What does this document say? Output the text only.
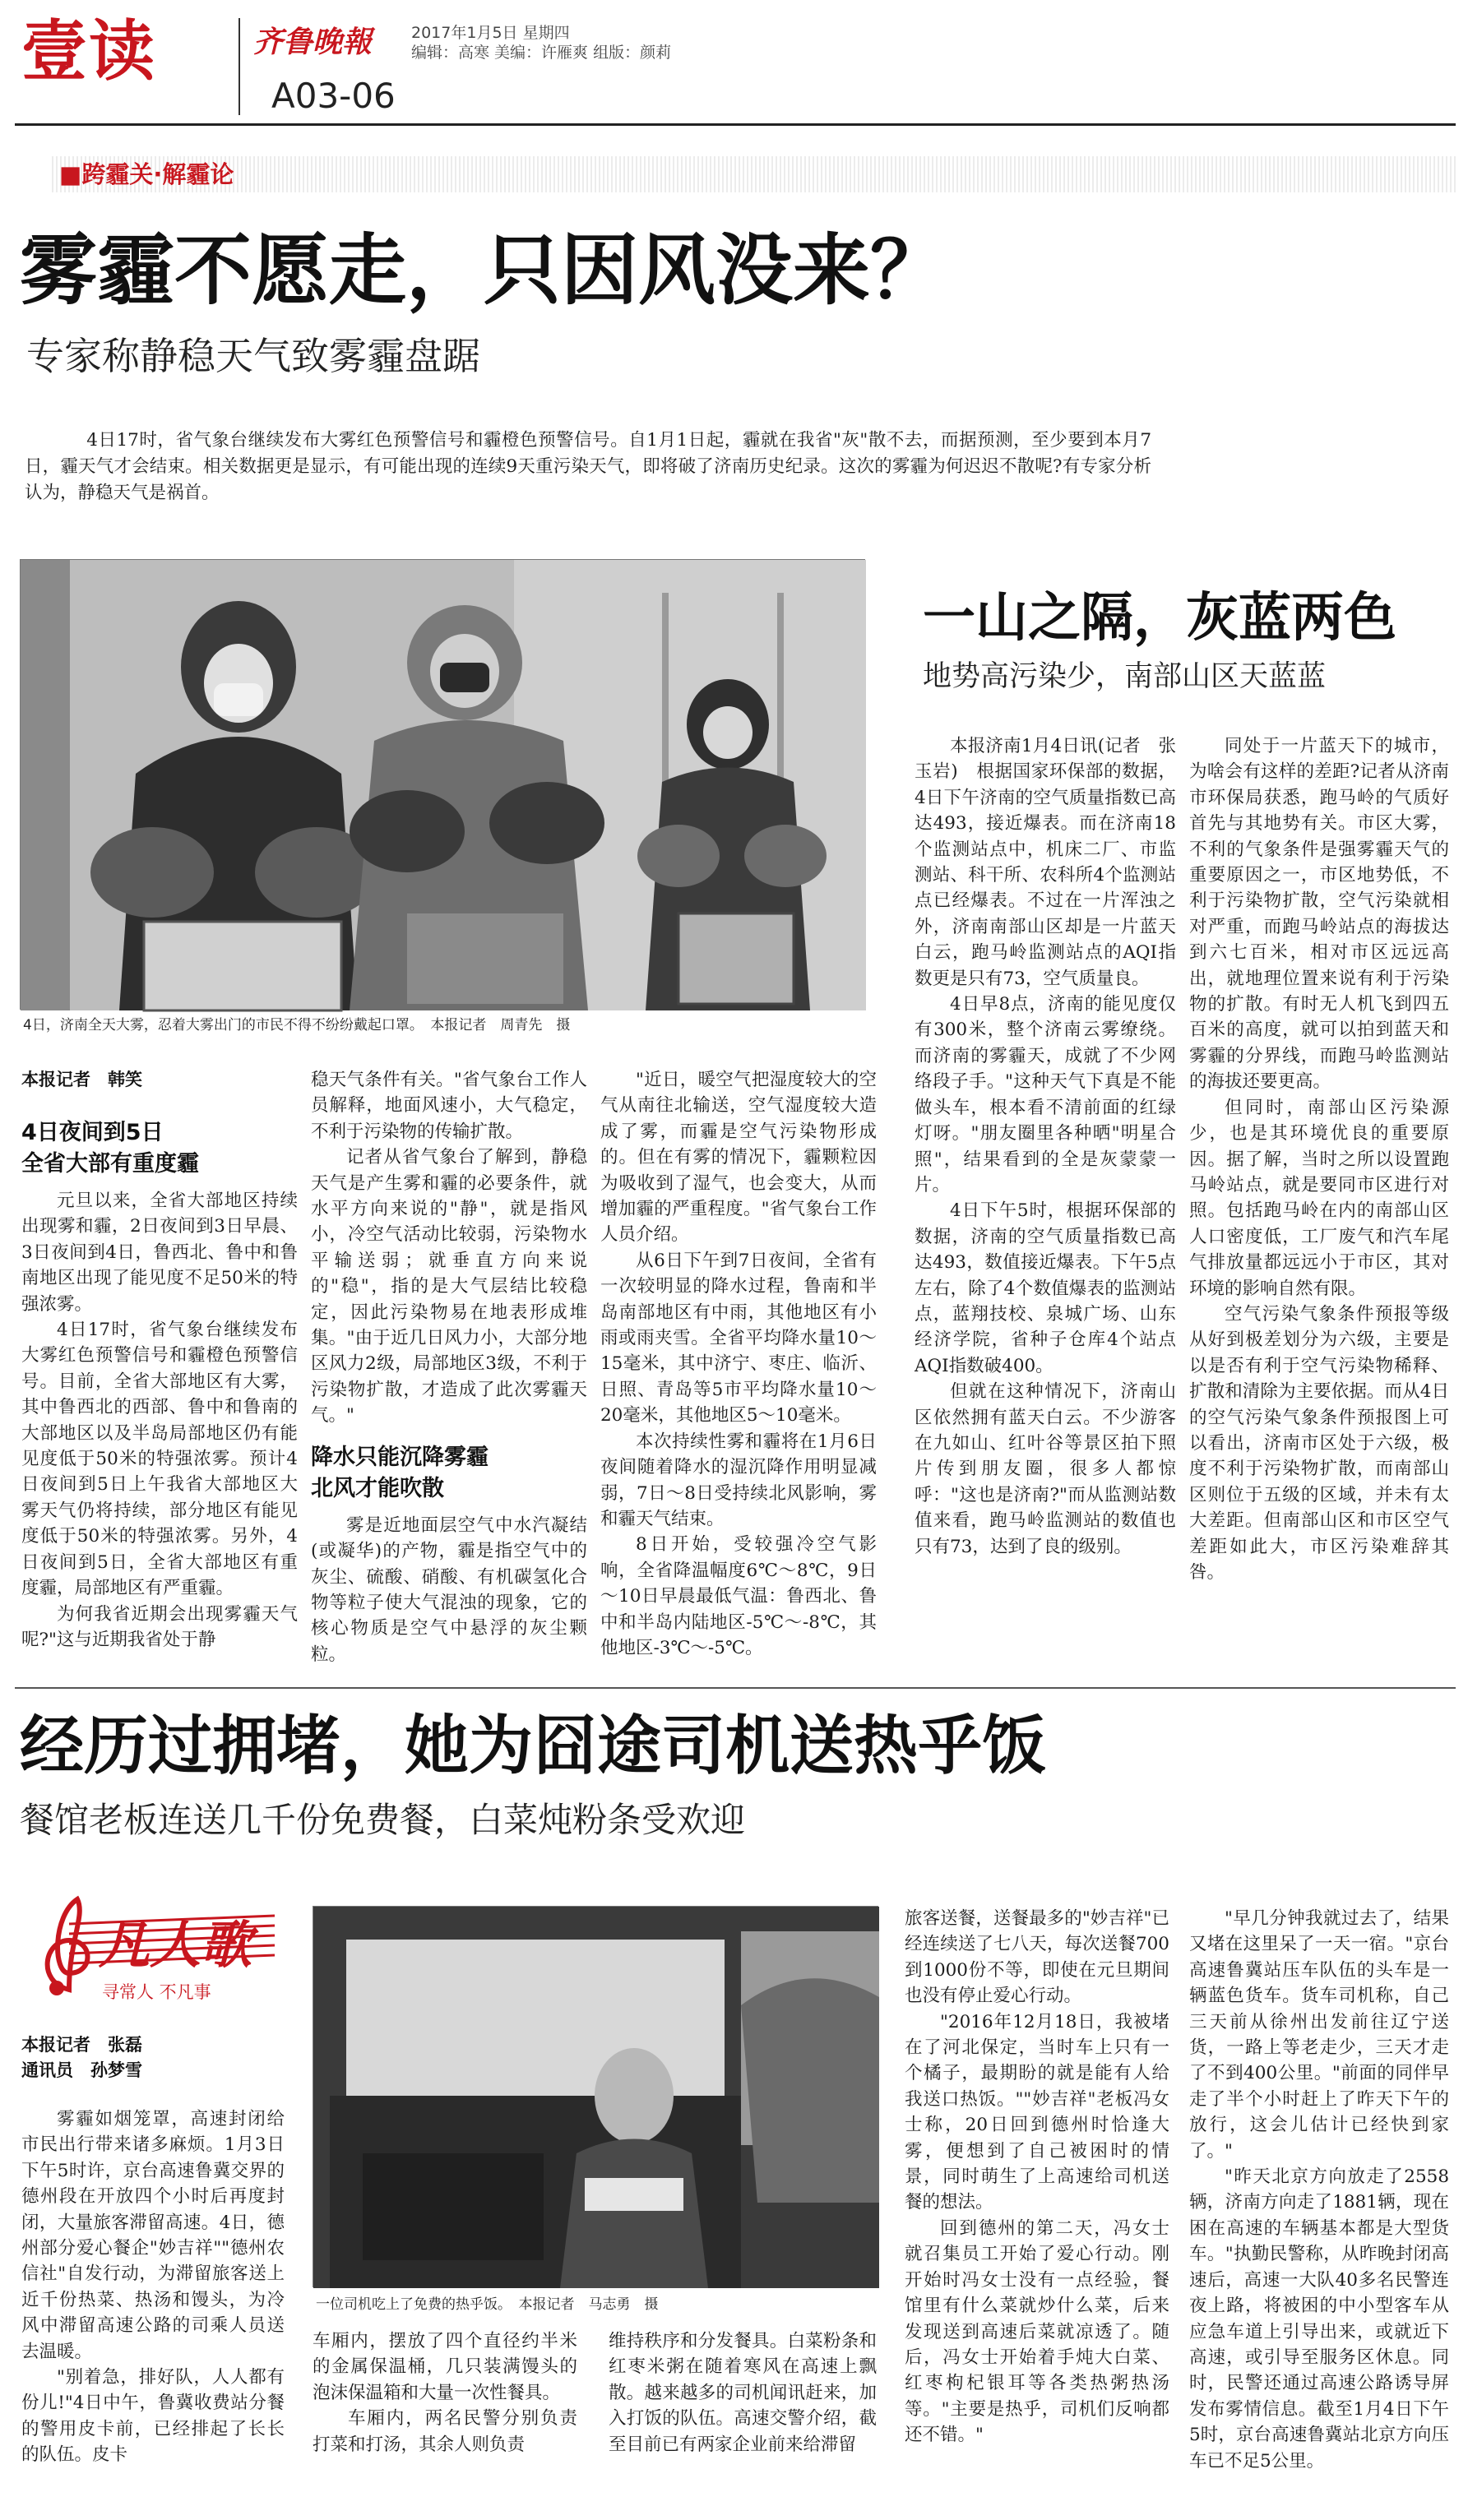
壹读	齐鲁晚報	2017年1月5日 星期四
编辑：高寒 美编：许雁爽 组版：颜莉
A03-06
■跨霾关·解霾论
雾霾不愿走，只因风没来？
专家称静稳天气致雾霾盘踞
4日17时，省气象台继续发布大雾红色预警信号和霾橙色预警信号。自1月1日起，霾就在我省"灰"散不去，而据预测，至少要到本月7日，霾天气才会结束。相关数据更是显示，有可能出现的连续9天重污染天气，即将破了济南历史纪录。这次的雾霾为何迟迟不散呢?有专家分析认为，静稳天气是祸首。
4日，济南全天大雾，忍着大雾出门的市民不得不纷纷戴起口罩。　本报记者　周青先　摄

本报记者　韩笑

4日夜间到5日
全省大部有重度霾

元旦以来，全省大部地区持续出现雾和霾，2日夜间到3日早晨、3日夜间到4日，鲁西北、鲁中和鲁南地区出现了能见度不足50米的特强浓雾。

4日17时，省气象台继续发布大雾红色预警信号和霾橙色预警信号。目前，全省大部地区有大雾，其中鲁西北的西部、鲁中和鲁南的大部地区以及半岛局部地区仍有能见度低于50米的特强浓雾。预计4日夜间到5日上午我省大部地区大雾天气仍将持续，部分地区有能见度低于50米的特强浓雾。另外，4日夜间到5日，全省大部地区有重度霾，局部地区有严重霾。

为何我省近期会出现雾霾天气呢?"这与近期我省处于静

稳天气条件有关。"省气象台工作人员解释，地面风速小，大气稳定，不利于污染物的传输扩散。

记者从省气象台了解到，静稳天气是产生雾和霾的必要条件，就水平方向来说的"静"，就是指风小，冷空气活动比较弱，污染物水平输送弱；就垂直方向来说的"稳"，指的是大气层结比较稳定，因此污染物易在地表形成堆集。"由于近几日风力小，大部分地区风力2级，局部地区3级，不利于污染物扩散，才造成了此次雾霾天气。"

降水只能沉降雾霾
北风才能吹散

雾是近地面层空气中水汽凝结(或凝华)的产物，霾是指空气中的灰尘、硫酸、硝酸、有机碳氢化合物等粒子使大气混浊的现象，它的核心物质是空气中悬浮的灰尘颗粒。

"近日，暖空气把湿度较大的空气从南往北输送，空气湿度较大造成了雾，而霾是空气污染物形成的。但在有雾的情况下，霾颗粒因为吸收到了湿气，也会变大，从而增加霾的严重程度。"省气象台工作人员介绍。

从6日下午到7日夜间，全省有一次较明显的降水过程，鲁南和半岛南部地区有中雨，其他地区有小雨或雨夹雪。全省平均降水量10～15毫米，其中济宁、枣庄、临沂、日照、青岛等5市平均降水量10～20毫米，其他地区5～10毫米。

本次持续性雾和霾将在1月6日夜间随着降水的湿沉降作用明显减弱，7日～8日受持续北风影响，雾和霾天气结束。

8日开始，受较强冷空气影响，全省降温幅度6℃～8℃，9日～10日早晨最低气温：鲁西北、鲁中和半岛内陆地区-5℃～-8℃，其他地区-3℃～-5℃。

一山之隔，灰蓝两色
地势高污染少，南部山区天蓝蓝

本报济南1月4日讯(记者　张玉岩)　根据国家环保部的数据，4日下午济南的空气质量指数已高达493，接近爆表。而在济南18个监测站点中，机床二厂、市监测站、科干所、农科所4个监测站点已经爆表。不过在一片浑浊之外，济南南部山区却是一片蓝天白云，跑马岭监测站点的AQI指数更是只有73，空气质量良。

4日早8点，济南的能见度仅有300米，整个济南云雾缭绕。而济南的雾霾天，成就了不少网络段子手。"这种天气下真是不能做头车，根本看不清前面的红绿灯呀。"朋友圈里各种晒"明星合照"，结果看到的全是灰蒙蒙一片。

4日下午5时，根据环保部的数据，济南的空气质量指数已高达493，数值接近爆表。下午5点左右，除了4个数值爆表的监测站点，蓝翔技校、泉城广场、山东经济学院，省种子仓库4个站点AQI指数破400。

但就在这种情况下，济南山区依然拥有蓝天白云。不少游客在九如山、红叶谷等景区拍下照片传到朋友圈，很多人都惊呼："这也是济南?"而从监测站数值来看，跑马岭监测站的数值也只有73，达到了良的级别。

同处于一片蓝天下的城市，为啥会有这样的差距?记者从济南市环保局获悉，跑马岭的气质好首先与其地势有关。市区大雾，不利的气象条件是强雾霾天气的重要原因之一，市区地势低，不利于污染物扩散，空气污染就相对严重，而跑马岭站点的海拔达到六七百米，相对市区远远高出，就地理位置来说有利于污染物的扩散。有时无人机飞到四五百米的高度，就可以拍到蓝天和雾霾的分界线，而跑马岭监测站的海拔还要更高。

但同时，南部山区污染源少，也是其环境优良的重要原因。据了解，当时之所以设置跑马岭站点，就是要同市区进行对照。包括跑马岭在内的南部山区人口密度低，工厂废气和汽车尾气排放量都远远小于市区，其对环境的影响自然有限。

空气污染气象条件预报等级从好到极差划分为六级，主要是以是否有利于空气污染物稀释、扩散和清除为主要依据。而从4日的空气污染气象条件预报图上可以看出，济南市区处于六级，极度不利于污染物扩散，而南部山区则位于五级的区域，并未有太大差距。但南部山区和市区空气差距如此大，市区污染难辞其咎。

经历过拥堵，她为囧途司机送热乎饭
餐馆老板连送几千份免费餐，白菜炖粉条受欢迎
凡人歌
寻常人 不凡事

本报记者　张磊
通讯员　孙梦雪

雾霾如烟笼罩，高速封闭给市民出行带来诸多麻烦。1月3日下午5时许，京台高速鲁冀交界的德州段在开放四个小时后再度封闭，大量旅客滞留高速。4日，德州部分爱心餐企"妙吉祥""德州农信社"自发行动，为滞留旅客送上近千份热菜、热汤和馒头，为冷风中滞留高速公路的司乘人员送去温暖。

"别着急，排好队，人人都有份儿!"4日中午，鲁冀收费站分餐的警用皮卡前，已经排起了长长的队伍。皮卡

一位司机吃上了免费的热乎饭。　本报记者　马志勇　摄

车厢内，摆放了四个直径约半米的金属保温桶，几只装满馒头的泡沫保温箱和大量一次性餐具。

车厢内，两名民警分别负责打菜和打汤，其余人则负责

维持秩序和分发餐具。白菜粉条和红枣米粥在随着寒风在高速上飘散。越来越多的司机闻讯赶来，加入打饭的队伍。高速交警介绍，截至目前已有两家企业前来给滞留

旅客送餐，送餐最多的"妙吉祥"已经连续送了七八天，每次送餐700到1000份不等，即使在元旦期间也没有停止爱心行动。

"2016年12月18日，我被堵在了河北保定，当时车上只有一个橘子，最期盼的就是能有人给我送口热饭。""妙吉祥"老板冯女士称，20日回到德州时恰逢大雾，便想到了自己被困时的情景，同时萌生了上高速给司机送餐的想法。

回到德州的第二天，冯女士就召集员工开始了爱心行动。刚开始时冯女士没有一点经验，餐馆里有什么菜就炒什么菜，后来发现送到高速后菜就凉透了。随后，冯女士开始着手炖大白菜、红枣枸杞银耳等各类热粥热汤等。"主要是热乎，司机们反响都还不错。"

"早几分钟我就过去了，结果又堵在这里呆了一天一宿。"京台高速鲁冀站压车队伍的头车是一辆蓝色货车。货车司机称，自己三天前从徐州出发前往辽宁送货，一路上等老走少，三天才走了不到400公里。"前面的同伴早走了半个小时赶上了昨天下午的放行，这会儿估计已经快到家了。"

"昨天北京方向放走了2558辆，济南方向走了1881辆，现在困在高速的车辆基本都是大型货车。"执勤民警称，从昨晚封闭高速后，高速一大队40多名民警连夜上路，将被困的中小型客车从应急车道上引导出来，或就近下高速，或引导至服务区休息。同时，民警还通过高速公路诱导屏发布雾情信息。截至1月4日下午5时，京台高速鲁冀站北京方向压车已不足5公里。
